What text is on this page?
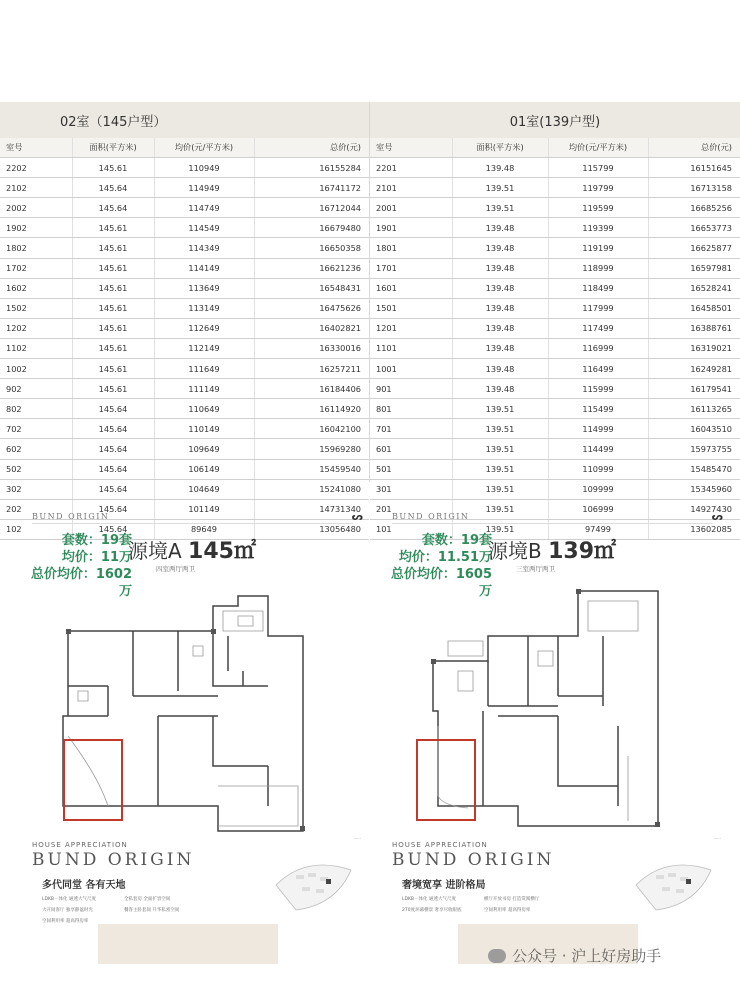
02室（145户型）
室号	面积(平方米)	均价(元/平方米)	总价(元)
2202	145.61	110949	16155284
2102	145.64	114949	16741172
2002	145.64	114749	16712044
1902	145.61	114549	16679480
1802	145.61	114349	16650358
1702	145.61	114149	16621236
1602	145.61	113649	16548431
1502	145.61	113149	16475626
1202	145.61	112649	16402821
1102	145.61	112149	16330016
1002	145.61	111649	16257211
902	145.61	111149	16184406
802	145.64	110649	16114920
702	145.64	110149	16042100
602	145.64	109649	15969280
502	145.64	106149	15459540
302	145.64	104649	15241080
202	145.64	101149	14731340
102	145.64	89649	13056480
01室(139户型)
室号	面积(平方米)	均价(元/平方米)	总价(元)
2201	139.48	115799	16151645
2101	139.51	119799	16713158
2001	139.51	119599	16685256
1901	139.48	119399	16653773
1801	139.48	119199	16625877
1701	139.48	118999	16597981
1601	139.48	118499	16528241
1501	139.48	117999	16458501
1201	139.48	117499	16388761
1101	139.48	116999	16319021
1001	139.48	116499	16249281
901	139.48	115999	16179541
801	139.51	115499	16113265
701	139.51	114999	16043510
601	139.51	114499	15973755
501	139.51	110999	15485470
301	139.51	109999	15345960
201	139.51	106999	14927430
101	139.51	97499	13602085
BUND ORIGIN	ᔕ
套数：19套
均价：11万
总价均价：1602万
源境A 145㎡
四室两厅两卫
······
HOUSE APPRECIATION
BUND ORIGIN
多代同堂 各有天地
LDKB一体化 通透大气尺度	全私套房 全面扩容空间
大开间客厅 独享静谧时光	餐客主卧套间 升华私密空间
空间利用率 超高得房率
BUND ORIGIN	ᔕ
套数：19套
均价：11.51万
总价均价：1605万
源境B 139㎡
三室两厅两卫
······
HOUSE APPRECIATION
BUND ORIGIN
奢境宽享 进阶格局
LDKB一体化 通透大气尺度	横厅开放书房 打造赏阅横厅
270度环幕横景 奢享尽收眼底	空间利用率 超高得房率
公众号 · 沪上好房助手
